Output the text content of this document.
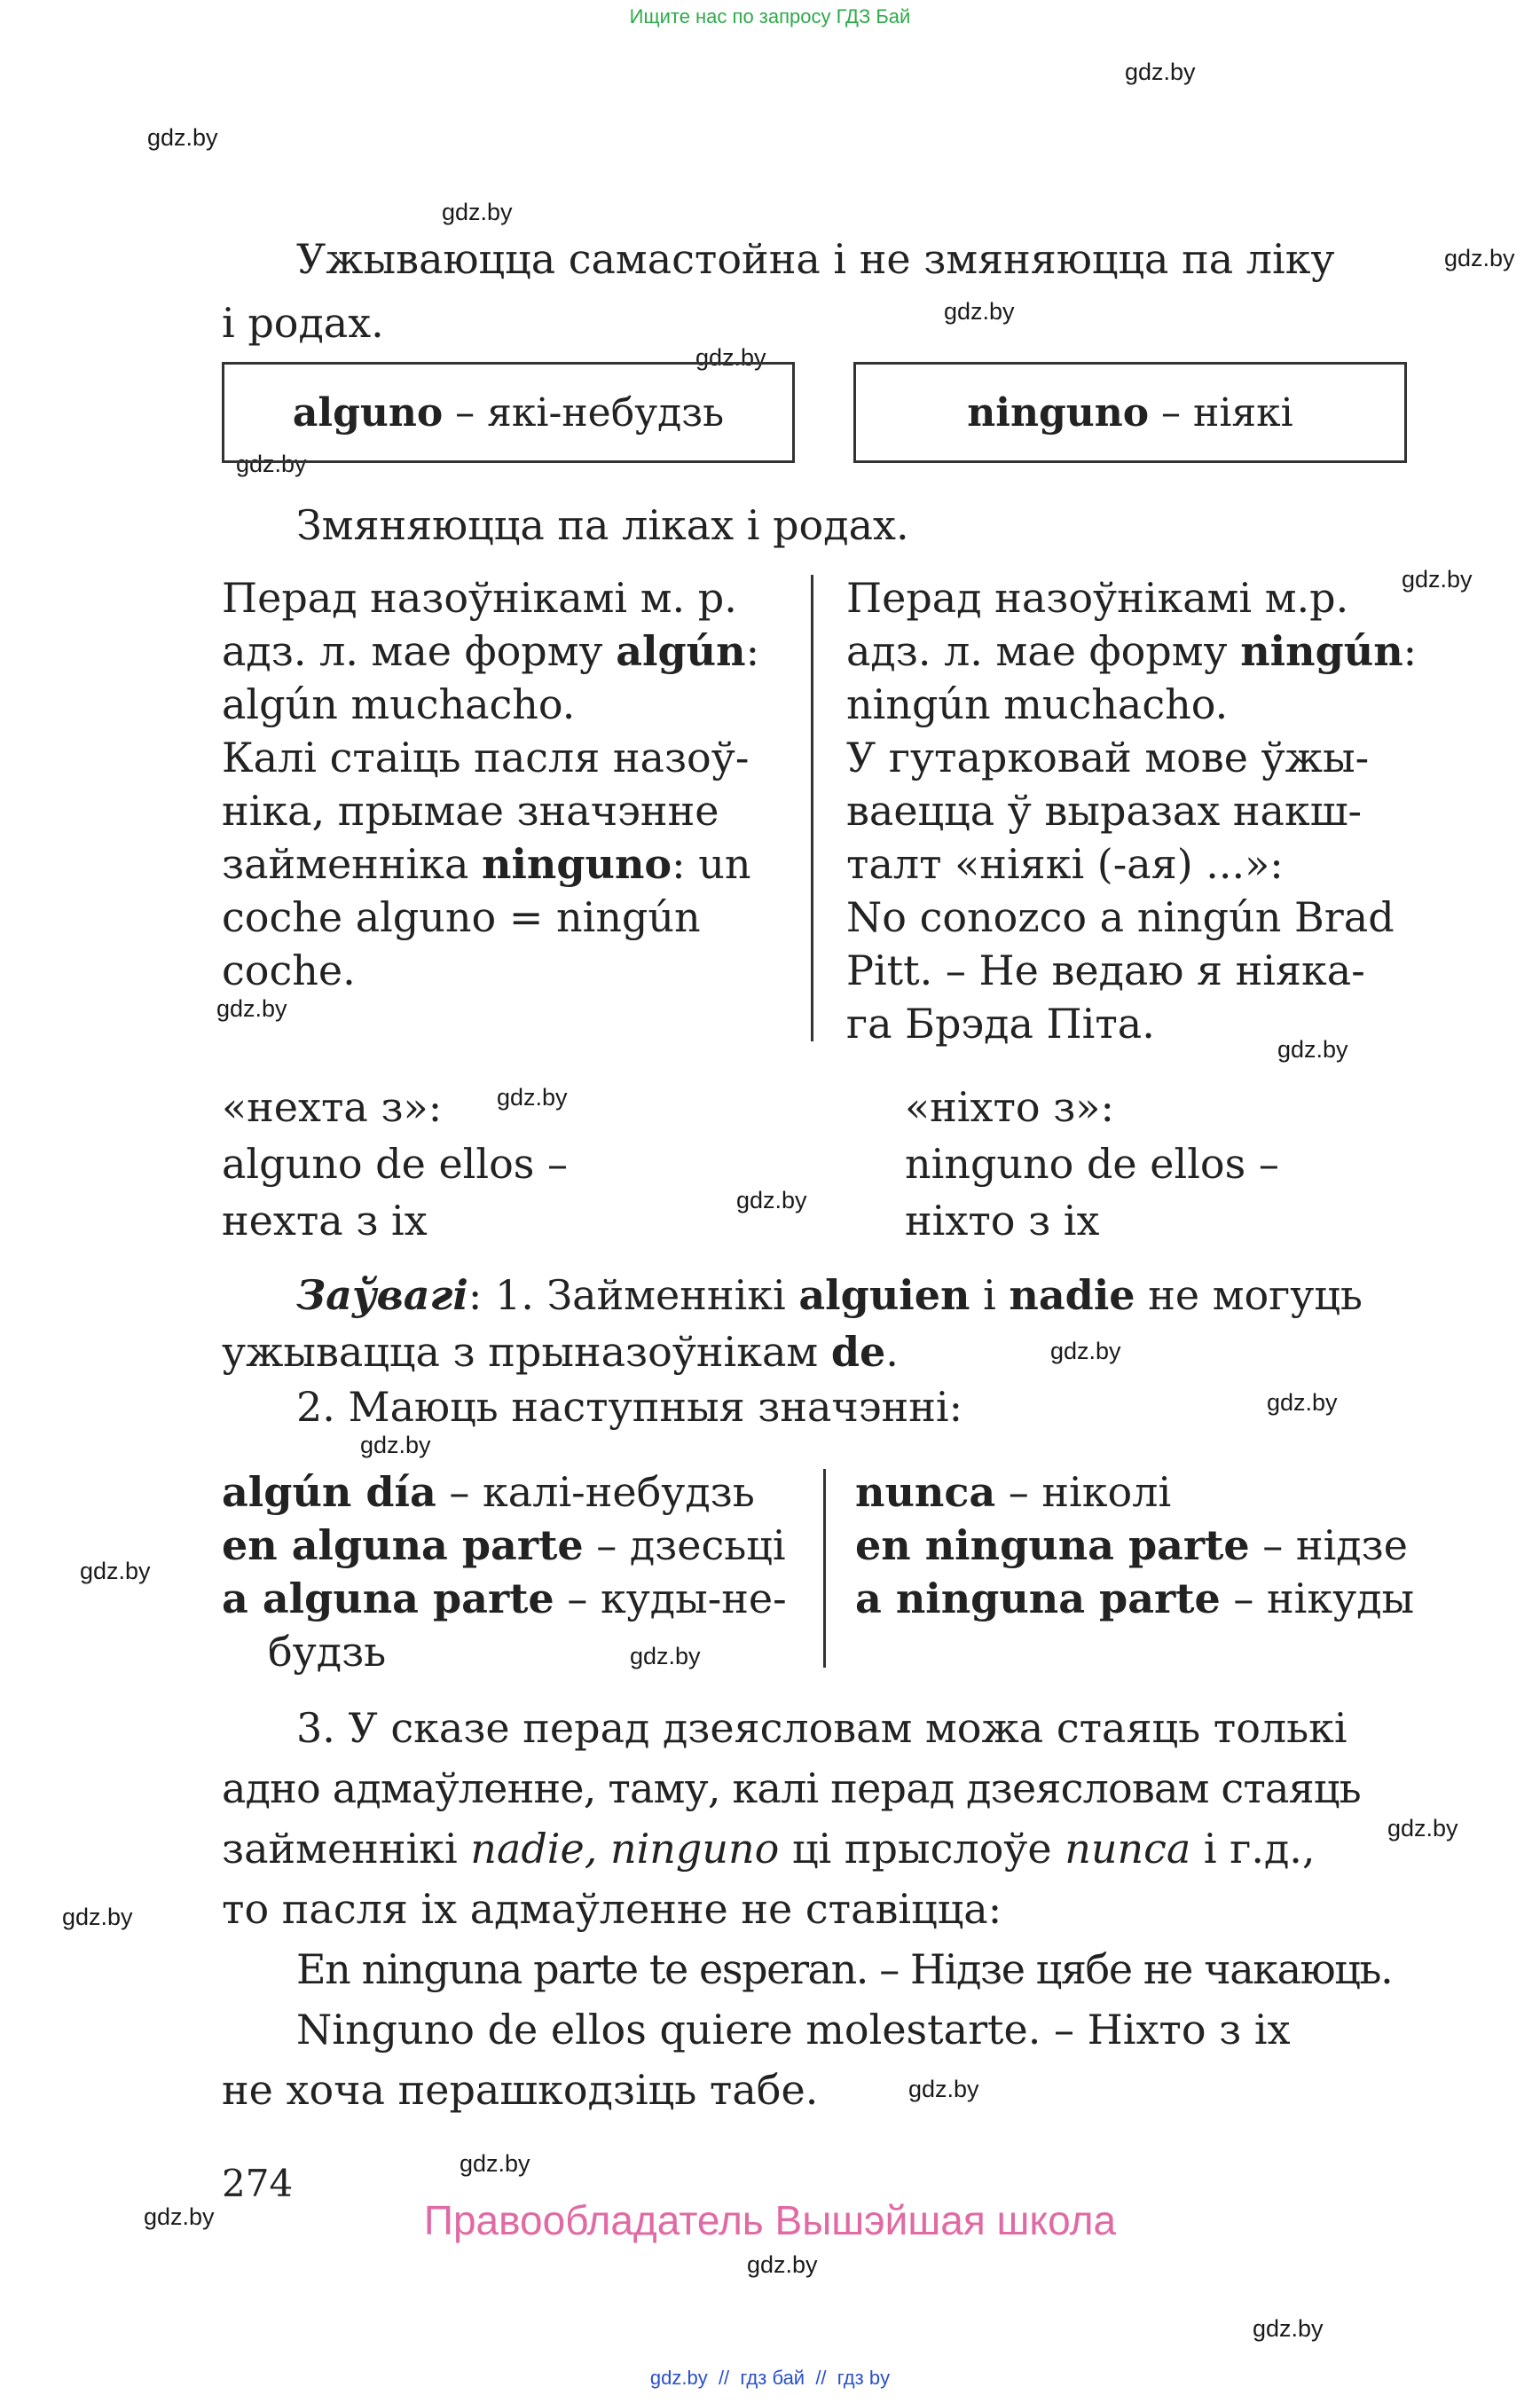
Ищите нас по запросу ГДЗ Бай
gdz.by
gdz.by
gdz.by
gdz.by
gdz.by
gdz.by
gdz.by
gdz.by
gdz.by
gdz.by
gdz.by
gdz.by
gdz.by
gdz.by
gdz.by
gdz.by
gdz.by
gdz.by
gdz.by
gdz.by
gdz.by
gdz.by
gdz.by
gdz.by
Ужываюцца самастойна і не змяняюцца па ліку
і родах.
alguno – які-небудзь	ninguno – ніякі
Змяняюцца па ліках і родах.
Перад назоўнікамі м. р.
адз. л. мае форму algún:
algún muchacho.
Калі стаіць пасля назоў-
ніка, прымае значэнне
займенніка ninguno: un
coche alguno = ningún
coche.
Перад назоўнікамі м.р.
адз. л. мае форму ningún:
ningún muchacho.
У гутарковай мове ўжы-
ваецца ў выразах накш-
талт «ніякі (-ая) ...»:
No conozco a ningún Brad
Pitt. – Не ведаю я ніяка-
га Брэда Піта.
«нехта з»:
alguno de ellos –
нехта з іх
«ніхто з»:
ninguno de ellos –
ніхто з іх
Заўвагі: 1. Займеннікі alguien і nadie не могуць
ужывацца з прыназоўнікам de.
2. Маюць наступныя значэнні:
algún día – калі-небудзь
en alguna parte – дзесьці
a alguna parte – куды-не-
будзь
nunca – ніколі
en ninguna parte – нідзе
a ninguna parte – нікуды
3. У сказе перад дзеясловам можа стаяць толькі
адно адмаўленне, таму, калі перад дзеясловам стаяць
займеннікі nadie, ninguno ці прыслоўе nunca і г.д.,
то пасля іх адмаўленне не ставіцца:
En ninguna parte te esperan. – Нідзе цябе не чакаюць.
Ninguno de ellos quiere molestarte. – Ніхто з іх
не хоча перашкодзіць табе.
274
Правообладатель Вышэйшая школа
gdz.by  //  гдз бай  //  гдз by
